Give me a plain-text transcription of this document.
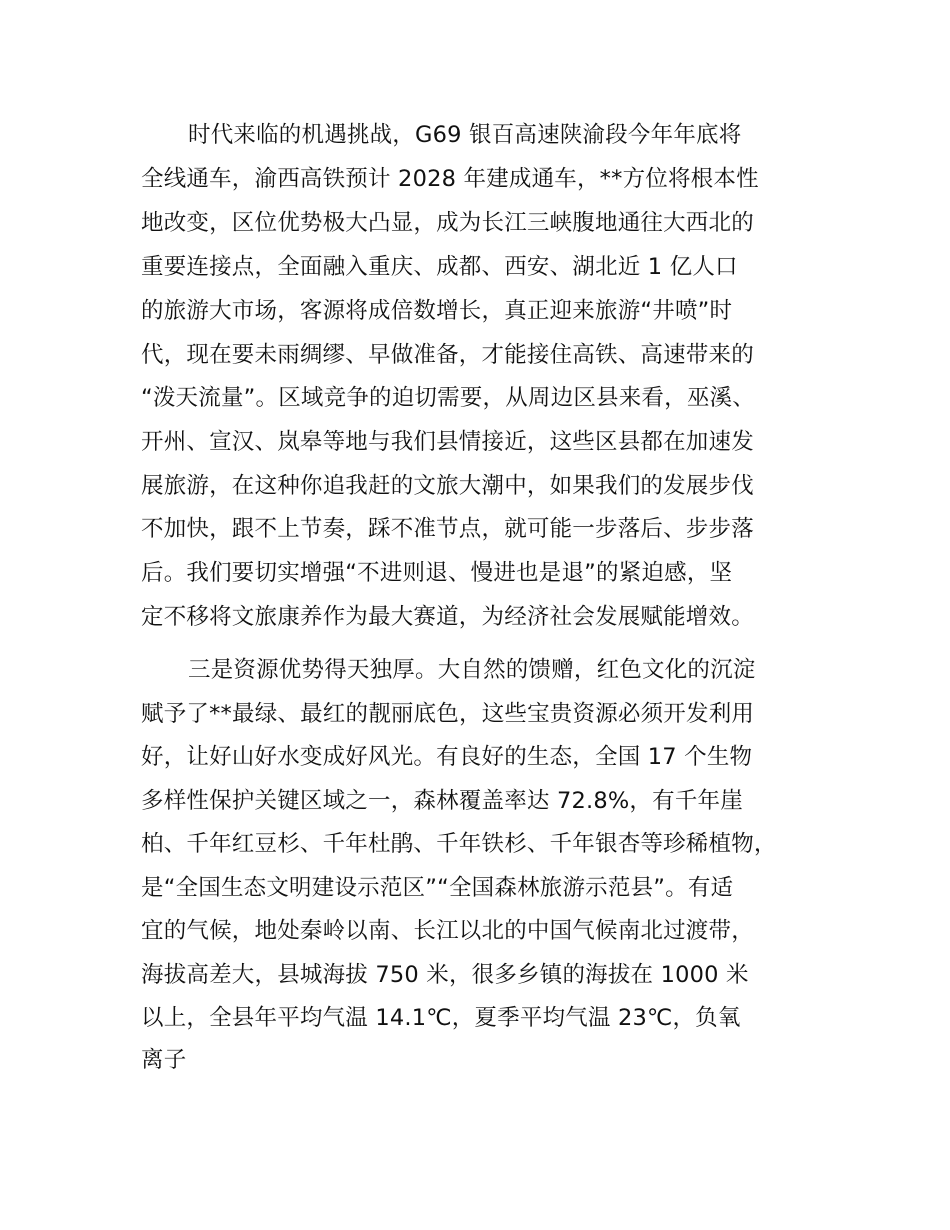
时代来临的机遇挑战，G69 银百高速陕渝段今年年底将
全线通车，渝西高铁预计 2028 年建成通车，**方位将根本性
地改变，区位优势极大凸显，成为长江三峡腹地通往大西北的
重要连接点，全面融入重庆、成都、西安、湖北近 1 亿人口
的旅游大市场，客源将成倍数增长，真正迎来旅游“井喷”时
代，现在要未雨绸缪、早做准备，才能接住高铁、高速带来的
“泼天流量”。区域竞争的迫切需要，从周边区县来看，巫溪、
开州、宣汉、岚皋等地与我们县情接近，这些区县都在加速发
展旅游，在这种你追我赶的文旅大潮中，如果我们的发展步伐
不加快，跟不上节奏，踩不准节点，就可能一步落后、步步落
后。我们要切实增强“不进则退、慢进也是退”的紧迫感，坚
定不移将文旅康养作为最大赛道，为经济社会发展赋能增效。
三是资源优势得天独厚。大自然的馈赠，红色文化的沉淀
赋予了**最绿、最红的靓丽底色，这些宝贵资源必须开发利用
好，让好山好水变成好风光。有良好的生态，全国 17 个生物
多样性保护关键区域之一，森林覆盖率达 72.8%，有千年崖
柏、千年红豆杉、千年杜鹃、千年铁杉、千年银杏等珍稀植物，
是“全国生态文明建设示范区”“全国森林旅游示范县”。有适
宜的气候，地处秦岭以南、长江以北的中国气候南北过渡带，
海拔高差大，县城海拔 750 米，很多乡镇的海拔在 1000 米
以上，全县年平均气温 14.1℃，夏季平均气温 23℃，负氧
离子
